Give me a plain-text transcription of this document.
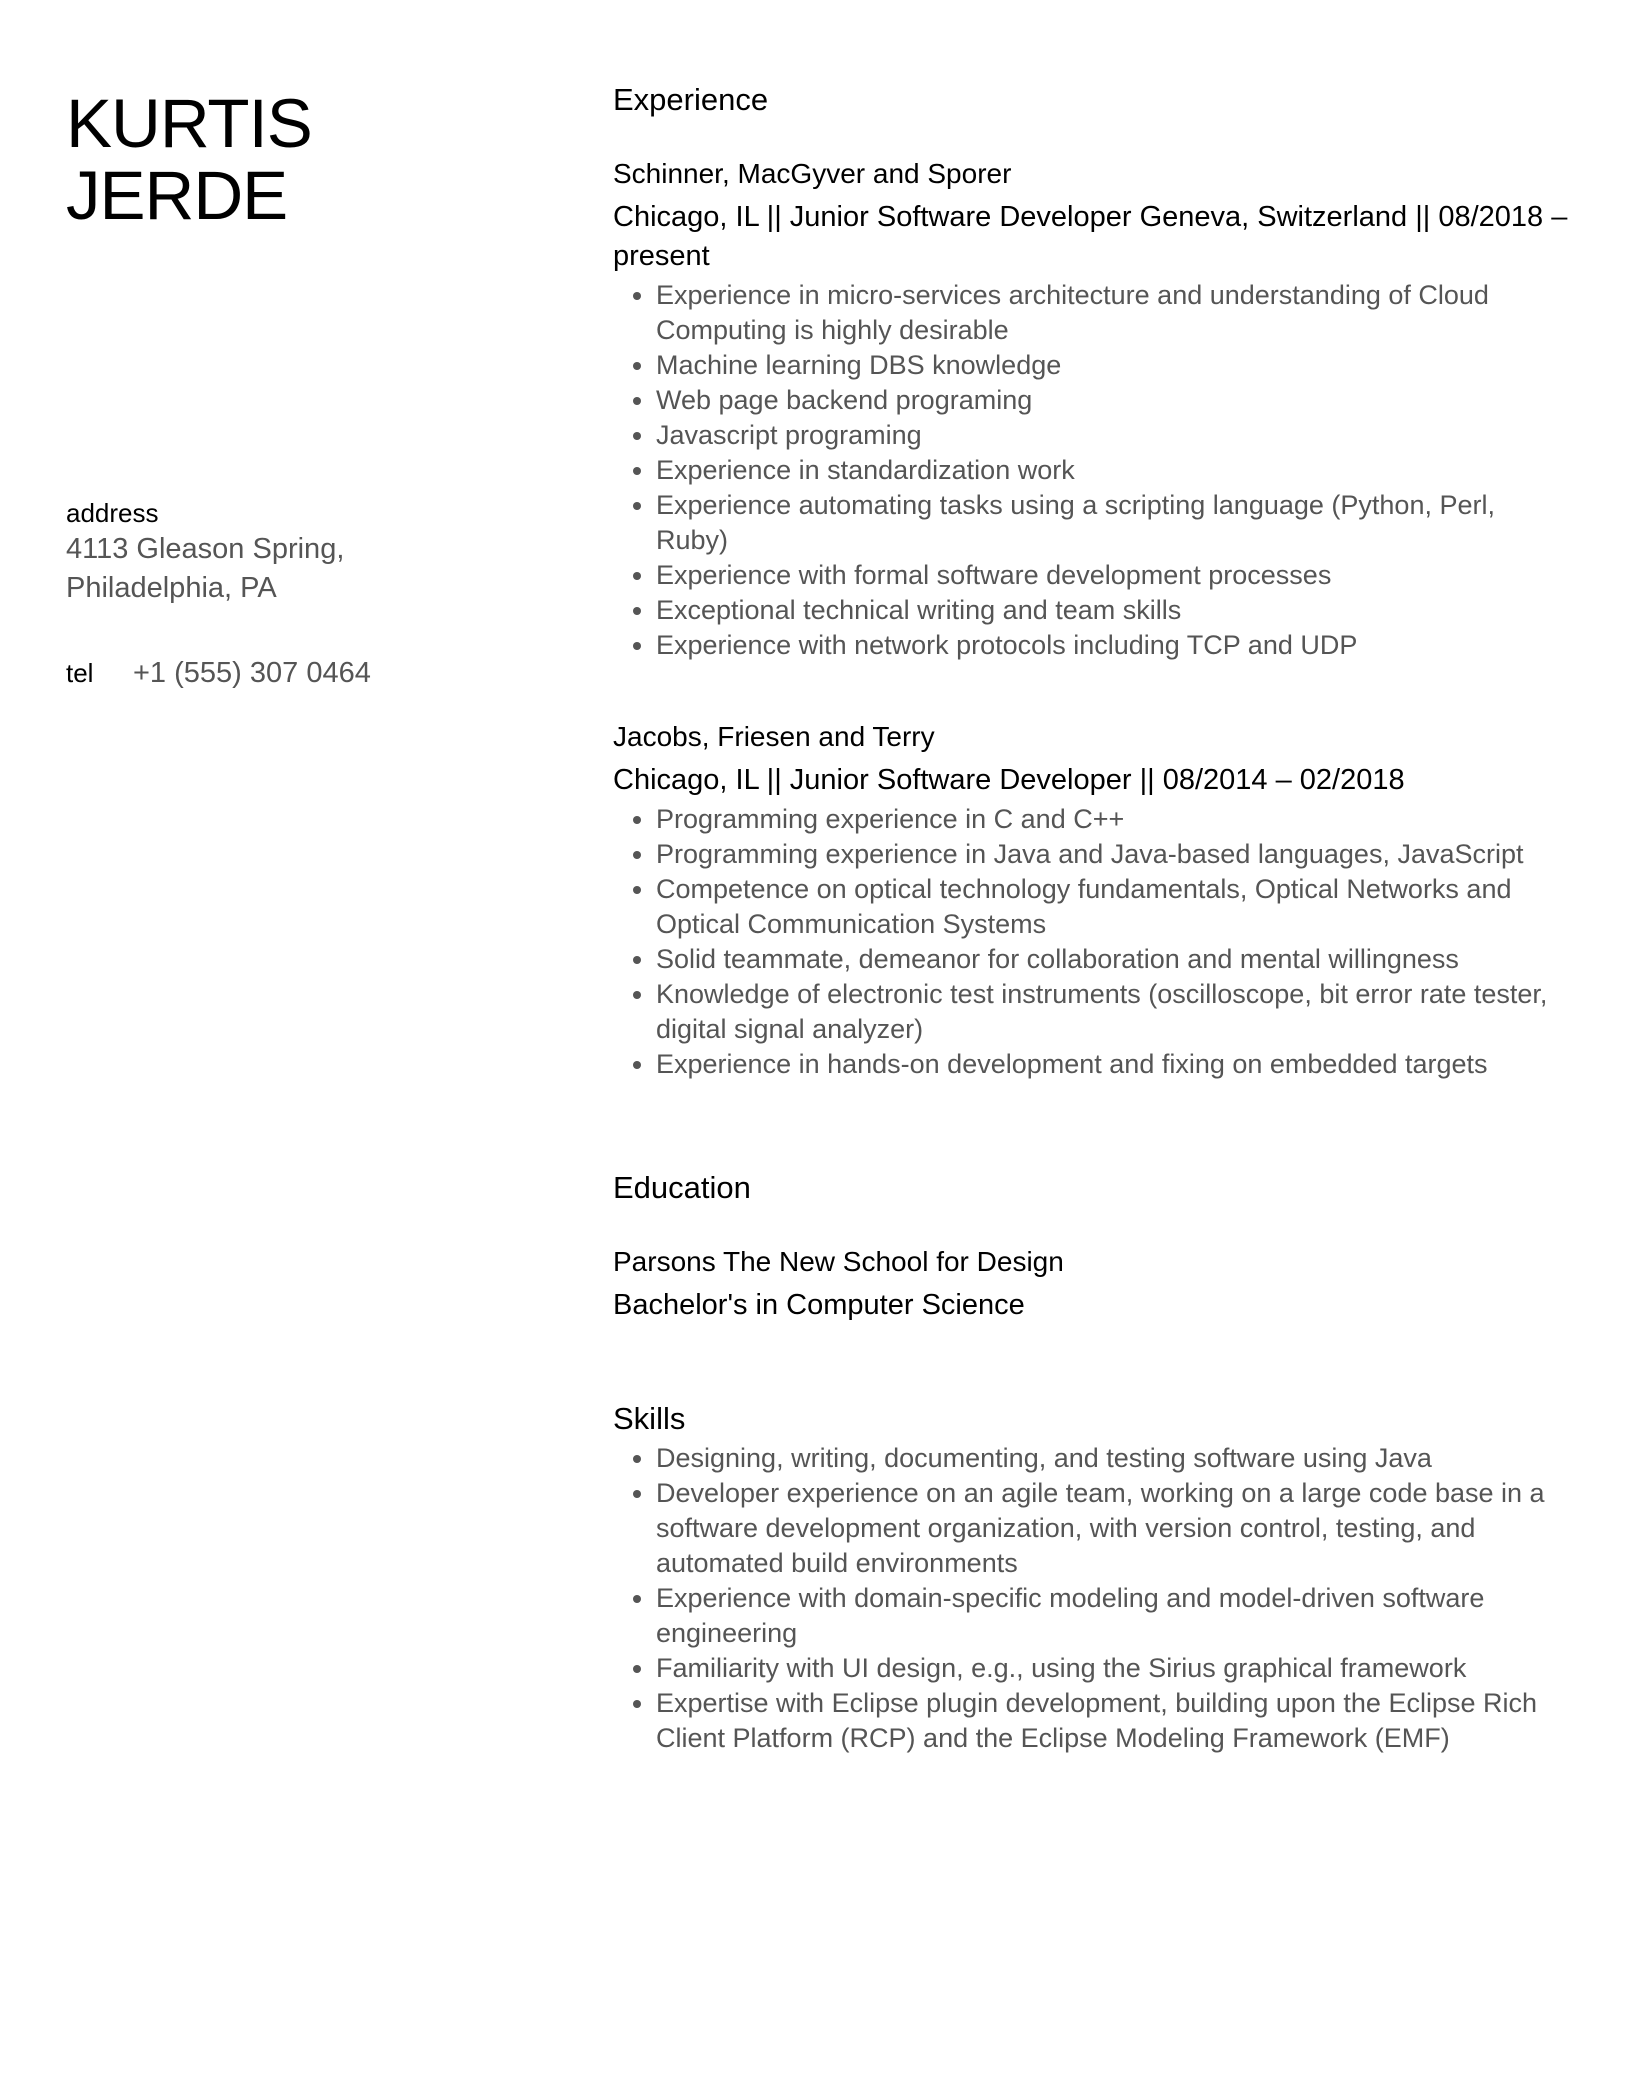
KURTIS
JERDE
address
4113 Gleason Spring,
Philadelphia, PA
tel	+1 (555) 307 0464
Experience
Schinner, MacGyver and Sporer

Chicago, IL || Junior Software Developer Geneva, Switzerland || 08/2018 – present

• Experience in micro-services architecture and understanding of Cloud Computing is highly desirable
• Machine learning DBS knowledge
• Web page backend programing
• Javascript programing
• Experience in standardization work
• Experience automating tasks using a scripting language (Python, Perl, Ruby)
• Experience with formal software development processes
• Exceptional technical writing and team skills
• Experience with network protocols including TCP and UDP
Jacobs, Friesen and Terry

Chicago, IL || Junior Software Developer || 08/2014 – 02/2018

• Programming experience in C and C++
• Programming experience in Java and Java-based languages, JavaScript
• Competence on optical technology fundamentals, Optical Networks and Optical Communication Systems
• Solid teammate, demeanor for collaboration and mental willingness
• Knowledge of electronic test instruments (oscilloscope, bit error rate tester, digital signal analyzer)
• Experience in hands-on development and fixing on embedded targets
Education
Parsons The New School for Design

Bachelor's in Computer Science

Skills
• Designing, writing, documenting, and testing software using Java
• Developer experience on an agile team, working on a large code base in a software development organization, with version control, testing, and automated build environments
• Experience with domain-specific modeling and model-driven software engineering
• Familiarity with UI design, e.g., using the Sirius graphical framework
• Expertise with Eclipse plugin development, building upon the Eclipse Rich Client Platform (RCP) and the Eclipse Modeling Framework (EMF)
